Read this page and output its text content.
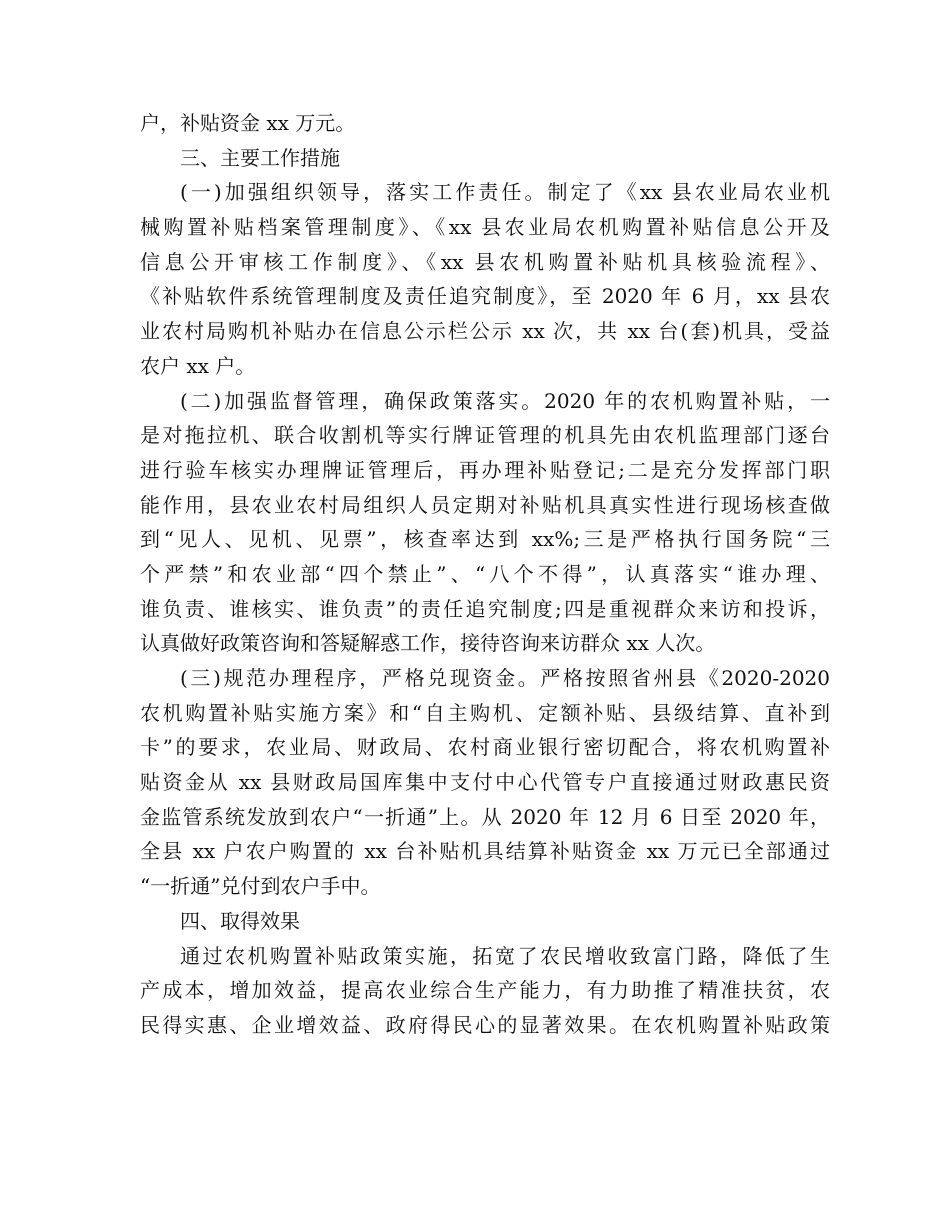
户，补贴资金 xx 万元。
三、主要工作措施
(一)加强组织领导，落实工作责任。制定了《xx 县农业局农业机
械购置补贴档案管理制度》、《xx 县农业局农机购置补贴信息公开及
信息公开审核工作制度》、《xx 县农机购置补贴机具核验流程》、
《补贴软件系统管理制度及责任追究制度》，至 2020 年 6 月，xx 县农
业农村局购机补贴办在信息公示栏公示 xx 次，共 xx 台(套)机具，受益
农户 xx 户。
(二)加强监督管理，确保政策落实。2020 年的农机购置补贴，一
是对拖拉机、联合收割机等实行牌证管理的机具先由农机监理部门逐台
进行验车核实办理牌证管理后，再办理补贴登记;二是充分发挥部门职
能作用，县农业农村局组织人员定期对补贴机具真实性进行现场核查做
到“见人、见机、见票”，核查率达到 xx%;三是严格执行国务院“三
个严禁”和农业部“四个禁止”、“八个不得”，认真落实“谁办理、
谁负责、谁核实、谁负责”的责任追究制度;四是重视群众来访和投诉，
认真做好政策咨询和答疑解惑工作，接待咨询来访群众 xx 人次。
(三)规范办理程序，严格兑现资金。严格按照省州县《2020-2020
农机购置补贴实施方案》和“自主购机、定额补贴、县级结算、直补到
卡”的要求，农业局、财政局、农村商业银行密切配合，将农机购置补
贴资金从 xx 县财政局国库集中支付中心代管专户直接通过财政惠民资
金监管系统发放到农户“一折通”上。从 2020 年 12 月 6 日至 2020 年，
全县 xx 户农户购置的 xx 台补贴机具结算补贴资金 xx 万元已全部通过
“一折通”兑付到农户手中。
四、取得效果
通过农机购置补贴政策实施，拓宽了农民增收致富门路，降低了生
产成本，增加效益，提高农业综合生产能力，有力助推了精准扶贫，农
民得实惠、企业增效益、政府得民心的显著效果。在农机购置补贴政策
